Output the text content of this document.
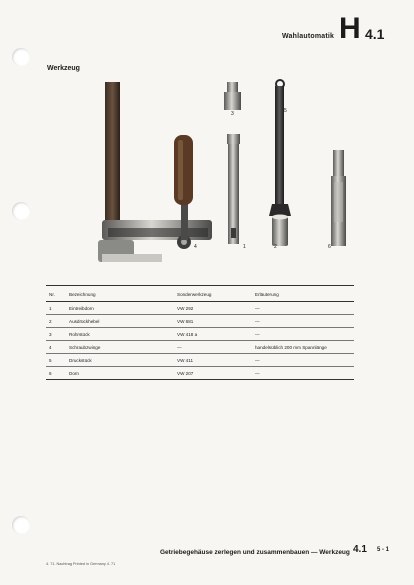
Wahlautomatik H 4.1
Werkzeug
4	1	2
3	5
6
Nr.	Bezeichnung	Sonderwerkzeug	Erläuterung
1	Eintreibdorn	VW 292	—
2	Ausdrückhebel	VW 681	—
3	Rohrstück	VW 418 a	—
4	Schraubzwinge	—	handelsüblich 200 mm Spannlänge
5	Druckstück	VW 411	—
6	Dorn	VW 207	—
Getriebegehäuse zerlegen und zusammenbauen — Werkzeug 4.1 5 - 1
4. 71. Nachtrag Printed in Germany 4. 71
